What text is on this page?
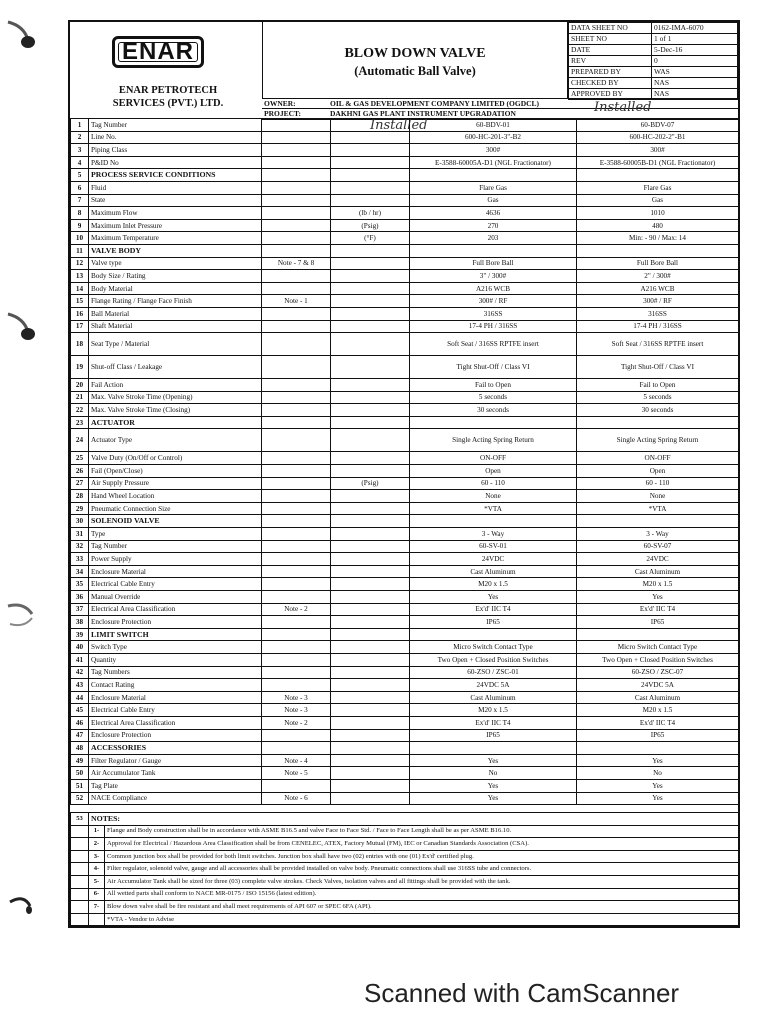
ENAR
ENAR PETROTECH
SERVICES (PVT.) LTD.
BLOW DOWN VALVE
(Automatic Ball Valve)
DATA SHEET NO	0162-IMA-6070
SHEET NO	1 of 1
DATE	5-Dec-16
REV	0
PREPARED BY	WAS
CHECKED BY	NAS
APPROVED BY	NAS
OWNER:	OIL & GAS DEVELOPMENT COMPANY LIMITED (OGDCL)
PROJECT:	DAKHNI GAS PLANT INSTRUMENT UPGRADATION
Installed
Installed
1	Tag Number			60-BDV-01	60-BDV-07
2	Line No.			600-HC-201-3"-B2	600-HC-202-2"-B1
3	Piping Class			300#	300#
4	P&ID No			E-3588-60005A-D1 (NGL Fractionator)	E-3588-60005B-D1 (NGL Fractionator)
5	PROCESS SERVICE CONDITIONS				
6	Fluid			Flare Gas	Flare Gas
7	State			Gas	Gas
8	Maximum Flow		(lb / hr)	4636	1010
9	Maximum Inlet Pressure		(Psig)	270	480
10	Maximum Temperature		(°F)	203	Min: - 90 / Max: 14
11	VALVE BODY				
12	Valve type	Note - 7 & 8		Full Bore Ball	Full Bore Ball
13	Body Size / Rating			3" / 300#	2" / 300#
14	Body Material			A216 WCB	A216 WCB
15	Flange Rating / Flange Face Finish	Note - 1		300# / RF	300# / RF
16	Ball Material			316SS	316SS
17	Shaft Material			17-4 PH / 316SS	17-4 PH / 316SS
18	Seat Type / Material			Soft Seat / 316SS RPTFE insert	Soft Seat / 316SS RPTFE insert
19	Shut-off Class / Leakage			Tight Shut-Off / Class VI	Tight Shut-Off / Class VI
20	Fail Action			Fail to Open	Fail to Open
21	Max. Valve Stroke Time (Opening)			5 seconds	5 seconds
22	Max. Valve Stroke Time (Closing)			30 seconds	30 seconds
23	ACTUATOR				
24	Actuator Type			Single Acting Spring Return	Single Acting Spring Return
25	Valve Duty (On/Off or Control)			ON-OFF	ON-OFF
26	Fail (Open/Close)			Open	Open
27	Air Supply Pressure		(Psig)	60 - 110	60 - 110
28	Hand Wheel Location			None	None
29	Pneumatic Connection Size			*VTA	*VTA
30	SOLENOID VALVE				
31	Type			3 - Way	3 - Way
32	Tag Number			60-SV-01	60-SV-07
33	Power Supply			24VDC	24VDC
34	Enclosure Material			Cast Aluminum	Cast Aluminum
35	Electrical Cable Entry			M20 x 1.5	M20 x 1.5
36	Manual Override			Yes	Yes
37	Electrical Area Classification	Note - 2		Ex'd' IIC T4	Ex'd' IIC T4
38	Enclosure Protection			IP65	IP65
39	LIMIT SWITCH				
40	Switch Type			Micro Switch Contact Type	Micro Switch Contact Type
41	Quantity			Two Open + Closed Position Switches	Two Open + Closed Position Switches
42	Tag Numbers			60-ZSO / ZSC-01	60-ZSO / ZSC-07
43	Contact Rating			24VDC 5A	24VDC 5A
44	Enclosure Material	Note - 3		Cast Aluminum	Cast Aluminum
45	Electrical Cable Entry	Note - 3		M20 x 1.5	M20 x 1.5
46	Electrical Area Classification	Note - 2		Ex'd' IIC T4	Ex'd' IIC T4
47	Enclosure Protection			IP65	IP65
48	ACCESSORIES				
49	Filter Regulator / Gauge	Note - 4		Yes	Yes
50	Air Accumulator Tank	Note - 5		No	No
51	Tag Plate			Yes	Yes
52	NACE Compliance	Note - 6		Yes	Yes
53	NOTES:	
	1-	Flange and Body construction shall be in accordance with ASME B16.5 and valve Face to Face Std. / Face to Face Length shall be as per ASME B16.10.
	2-	Approval for Electrical / Hazardous Area Classification shall be from CENELEC, ATEX, Factory Mutual (FM), IEC or Canadian Standards Association (CSA).
	3-	Common junction box shall be provided for both limit switches. Junction box shall have two (02) entries with one (01) Ex'd' certified plug.
	4-	Filter regulator, solenoid valve, gauge and all accessories shall be provided installed on valve body. Pneumatic connections shall use 316SS tube and connectors.
	5-	Air Accumulator Tank shall be sized for three (03) complete valve strokes. Check Valves, isolation valves and all fittings shall be provided with the tank.
	6-	All wetted parts shall conform to NACE MR-0175 / ISO 15156 (latest edition).
	7-	Blow down valve shall be fire resistant and shall meet requirements of API 607 or SPEC 6FA (API).
		*VTA - Vendor to Advise
Scanned with CamScanner
